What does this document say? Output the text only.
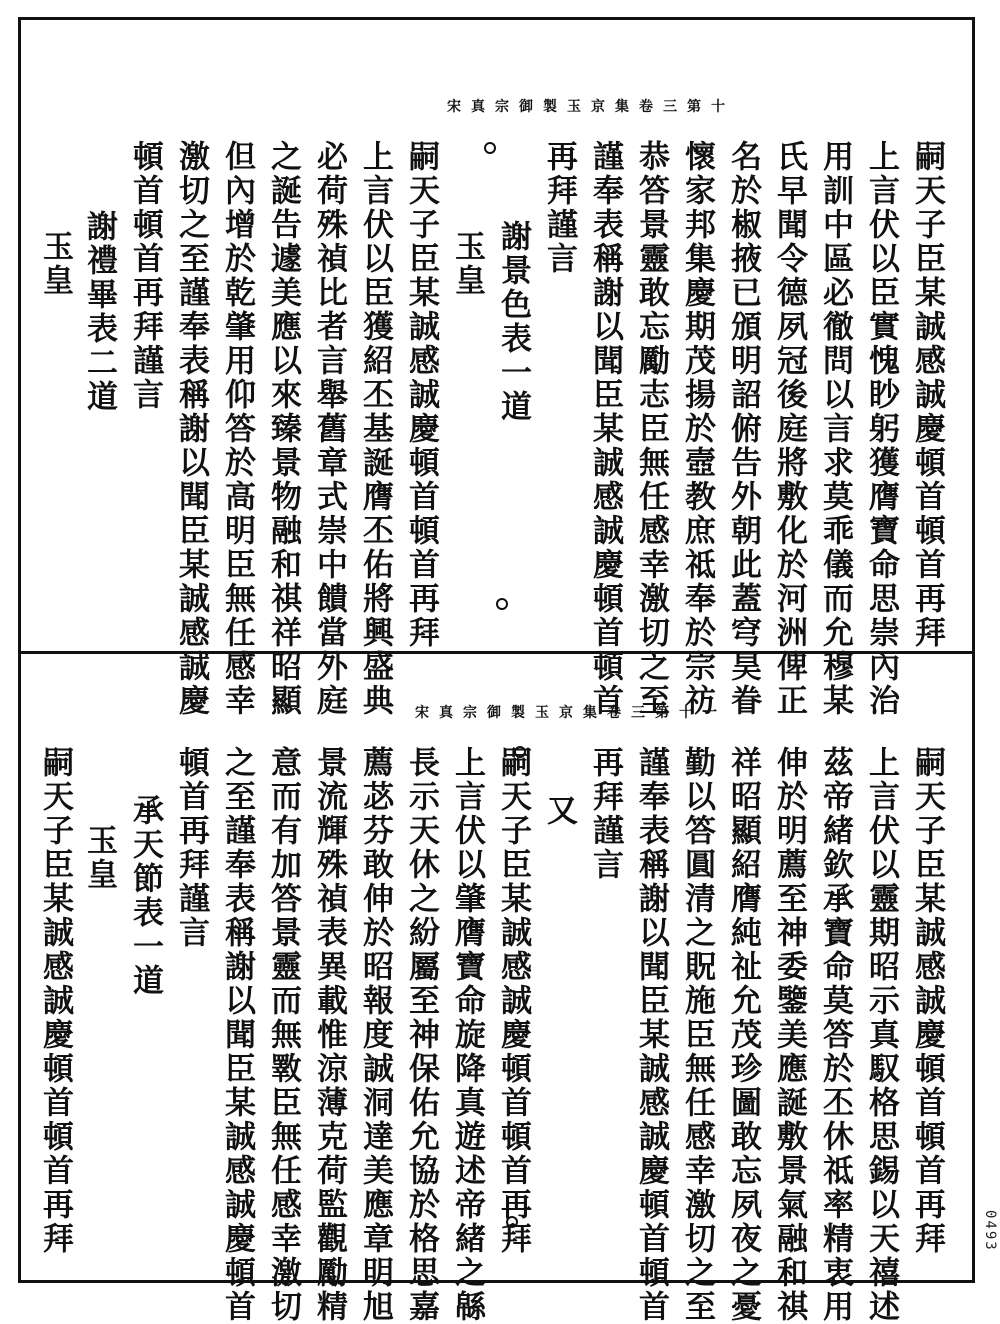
宋真宗御製玉京集卷三第十
嗣天子臣某誠感誠慶頓首頓首再拜
上言伏以臣實愧眇躬獲膺寶命思崇內治
用訓中區必徹問以言求莫乖儀而允穆某
氏早聞令德夙冠後庭將敷化於河洲俾正
名於椒掖已頒明詔俯告外朝此蓋穹昊眷
懷家邦集慶期茂揚於壼教庶祗奉於宗祊
恭答景靈敢忘勵志臣無任感幸激切之至
謹奉表稱謝以聞臣某誠感誠慶頓首頓首
再拜謹言
謝景色表一道
玉皇
嗣天子臣某誠感誠慶頓首頓首再拜
上言伏以臣獲紹丕基誕膺丕佑將興盛典
必荷殊禎比者言舉舊章式崇中饋當外庭
之誕告遽美應以來臻景物融和祺祥昭顯
但內增於乾肇用仰答於高明臣無任感幸
激切之至謹奉表稱謝以聞臣某誠感誠慶
頓首頓首再拜謹言
謝禮畢表二道
玉皇
宋真宗御製玉京集卷三第十一
嗣天子臣某誠感誠慶頓首頓首再拜
上言伏以靈期昭示真馭格思錫以天禧述
茲帝緒欽承寶命莫答於丕休祗率精衷用
伸於明薦至神委鑒美應誕敷景氣融和祺
祥昭顯紹膺純祉允茂珍圖敢忘夙夜之憂
勤以答圓清之貺施臣無任感幸激切之至
謹奉表稱謝以聞臣某誠感誠慶頓首頓首
再拜謹言
又
嗣天子臣某誠感誠慶頓首頓首再拜
上言伏以肇膺寶命旋降真遊述帝緒之緜
長示天休之紛屬至神保佑允協於格思嘉
薦苾芬敢伸於昭報度誠洞達美應章明旭
景流輝殊禎表異載惟涼薄克荷監觀勵精
意而有加答景靈而無斁臣無任感幸激切
之至謹奉表稱謝以聞臣某誠感誠慶頓首
頓首再拜謹言
承天節表一道
玉皇
嗣天子臣某誠感誠慶頓首頓首再拜	0493
